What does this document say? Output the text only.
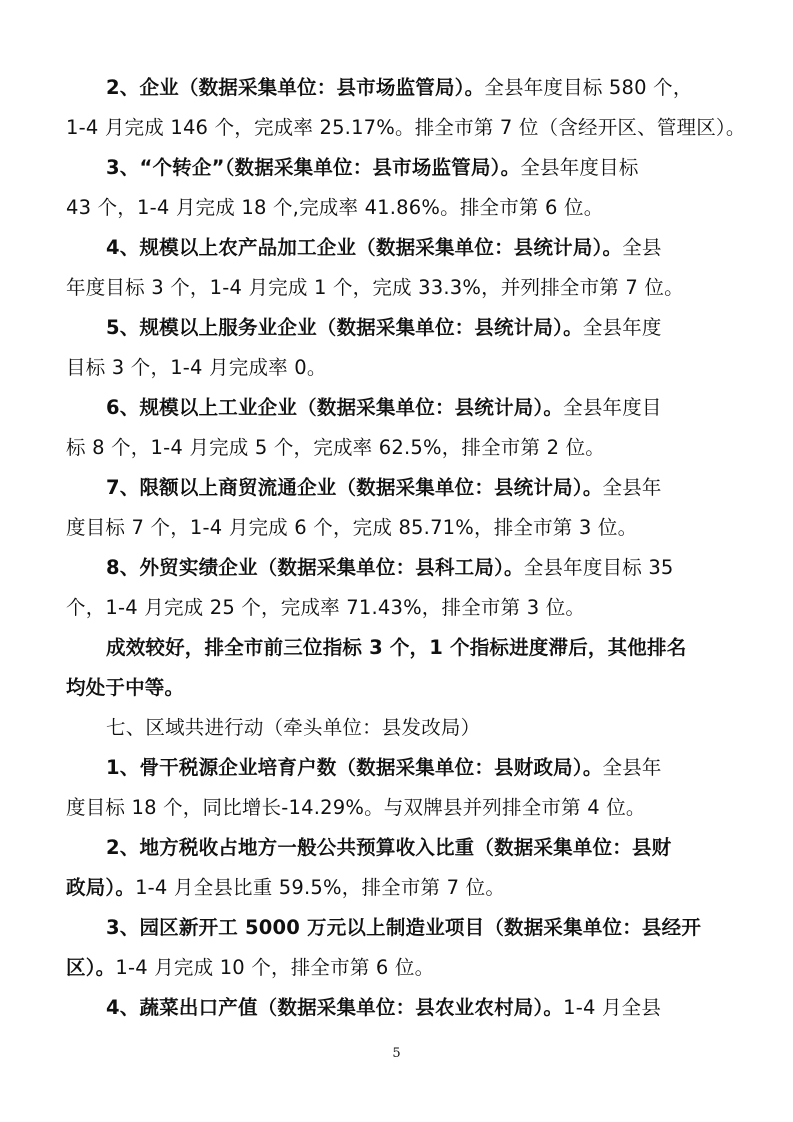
2、企业（数据采集单位：县市场监管局）。全县年度目标 580 个，
1-4 月完成 146 个，完成率 25.17%。排全市第 7 位（含经开区、管理区）。
3、“个转企”（数据采集单位：县市场监管局）。全县年度目标
43 个，1-4 月完成 18 个,完成率 41.86%。排全市第 6 位。
4、规模以上农产品加工企业（数据采集单位：县统计局）。全县
年度目标 3 个，1-4 月完成 1 个，完成 33.3%，并列排全市第 7 位。
5、规模以上服务业企业（数据采集单位：县统计局）。全县年度
目标 3 个，1-4 月完成率 0。
6、规模以上工业企业（数据采集单位：县统计局）。全县年度目
标 8 个，1-4 月完成 5 个，完成率 62.5%，排全市第 2 位。
7、限额以上商贸流通企业（数据采集单位：县统计局）。全县年
度目标 7 个，1-4 月完成 6 个，完成 85.71%，排全市第 3 位。
8、外贸实绩企业（数据采集单位：县科工局）。全县年度目标 35
个，1-4 月完成 25 个，完成率 71.43%，排全市第 3 位。
成效较好，排全市前三位指标 3 个，1 个指标进度滞后，其他排名
均处于中等。
七、区域共进行动（牵头单位：县发改局）
1、骨干税源企业培育户数（数据采集单位：县财政局）。全县年
度目标 18 个，同比增长-14.29%。与双牌县并列排全市第 4 位。
2、地方税收占地方一般公共预算收入比重（数据采集单位：县财
政局）。1-4 月全县比重 59.5%，排全市第 7 位。
3、园区新开工 5000 万元以上制造业项目（数据采集单位：县经开
区）。1-4 月完成 10 个，排全市第 6 位。
4、蔬菜出口产值（数据采集单位：县农业农村局）。1-4 月全县
5
